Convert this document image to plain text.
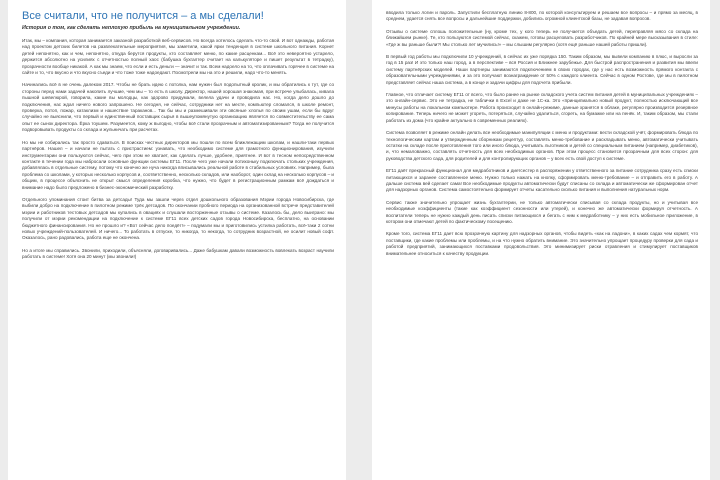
Все считали, что не получится – а мы сделали!
История о том, как сделать неплохую прибыль на муниципальном учреждении.

Итак, мы – компания, которая занимается заказной разработкой веб-сервисов. Но всегда хотелось сделать что-то свой. И вот однажды, работая над проектом детских билетов на развлекательные мероприятия, мы заметили, какой ярки тенденция в системе школьного питания. Корнет детей непонятно, как и чем, непонятно, откуда берутся продукты, кто составляет меню, по какие расценкам... Всё это невероятно устарело, держится абсолютно на усилиях с отчетностью полный хаос (бабушка бухгалтер считает на калькуляторе и пишет результат в тетрадку), прозрачности вообще никакой. А как мы знаем, что если и есть деньги — значит и так. Всем надоело на то, что оплачивать горячее в системе на сайте и то, что вкусно и что вкусно съеди и что тоже тоже надоедают. Посмотрели мы на это и решили, надо что-то менять.

Начинались всё в не очень далеком 2017. Чтобы не брать идею с потолка, нам нужен был подопытный кролик, и мы обратились к тут, где со стороны перед нами задачей накопить лучшие, чем мы – то есть в школу. Директор, нашей хорошая знакомая, при встрече улыбалась, кивала пышной шевелюрой, говорила, какие вы молодцы, как здорово придумали, велела удачи и проводила нас. Но, когда дело дошло до подключения, нас ждал ничего нового запрошено. Не сегодня, не сейчас, сотрудники нет на месте, компьютер сломался, в школе ремонт, проверка, потоп, пожар, катаклизм и нашествие тараканов... Так бы мы и размешивали эти овсяные хлопья по своим ушам, если бы вдруг случайно не выяснили, что первый и единственный поставщик сырья в вышеупомянутую организацию является по совместительству ее сама опыт ее сынок директора. Ёрка тоушем. Разумеется, кому ж выгодно, чтобы всё стали прозрачным и автоматизированным? Тогда не получится подворовывать продукты со склада и жульничать при расчетах.

Но мы не собирались так просто сдаваться. В поисках честных директоров мы пошли по всем ближлежащим школам, и нашли-таки первых партнёров. Нашел – и начали не пытать с пристрастием: узнавать, что необходимо системе для грамотного функционирования, изучили инструментарии они пользуются сейчас, чего при этом не хватает, как сделать лучше, удобнее, приятнее. И вот в тесном непосредственном контакте в течении года мы набросали основные функции системы ЕГ11. После чего уже начали потихоньку подключать стольких учреждения, добавлялась в отдельные систему, потому что конечно же нуча никогда вписывались реальной работе в стабильных условиях. Например, была проблема со школами, у которых несколько корпусов и, соответственно, несколько складов, или наоборот, один склад на несколько корпусов – и общим, в процессе объяснить не открыт смысл определения коробка, что нужно, что будет в регистрационным рамкам всё дождаться и внимание надо было предложено в бизнес-экономический разработку.

Отдельного упоминания стоит битва за детсады! Туда мы зашли через отдел дошкольного образования Мэрии города Новосибирска, где выбили добро на подключение в пилотном режиме трёх детсадов. По окончании пробного периода на организованной встрече представителей мэрии и работников тестовых детсадов мы купались в овациях и слушали восторженные отзывы о системе. Казалось бы, дело выиграно: мы получили от мэрии рекомендации на подключение к системе ЕГ11 всех детских садов города Новосибирска, бесплатно, на основании бюджетного финансирования. Но не прошло и? «Вот сейчас дело поедёт!» – подумали мы и приготовились устилка работать, всё-таки 2 сотни новых учреждений-пользователей. И ничего... То работать в отпуске, то никогда, то некогда, то сотрудник возрастной, не осилит новый софт. Оказалось, рано радовались, работа еще не окончена.

Но а итоге мы справились. Звонили, приходили, объясняли, договаривались... Даже бабушкам давали возможность вовлекать возраст научили работать в системе! Хотя она 20 минут (мы звонили!)

вводила только логин и пароль. Запустили бесплатную линию 8-800, по которой консультируем и решаем все вопросы – и прямо за месяц, в среднем, удается снять все вопросы и дальнейшие поддержки, добились огромной клиентской базы, не задавая вопросов.

Отзывы о системе сплошь положительные (ну, кроме тех, у кого теперь не получается объедать детей, переправляя мясо со склада на ближайшем рынке). Те, кто пользуются системой сейчас, скажем, готовы расцеловать разработчиков. По крайней мере высказывания в стиле: «Где ж вы раньше были?! Мы столько лет мучились!» – мы слышим регулярно (хотя ещё раньше нашей работы пришли).

В первый год работы мы подключили 10 учреждений, в сейчас их уже порядка 150. Таким образом, мы вывели компанию в плюс, и выросли за год в 15 раз! И это только наш город, а в перспективе – вся Россия и Ближнее зарубежье. Для быстрой распространения и развития мы ввели систему партнёрских моделей. Наши партнеры занимаются подключением в своих городах, где у нас есть возможность прямого контакта с образовательными учреждениями, и за это получают вознаграждение от 50% с каждого клиента. Сейчас в одном Ростове, где мы в пилотном представляет сейчас наша система, а в конце и задачи цифры для подсчета прибыли.

Главное, что отличает систему ЕГ11 от всего, что было ранее на рынке складского учета систем питания детей в муниципальных учреждениях – это онлайн-сервис. Это не тетрадка, не таблички в Excel и даже не 1С-ка. Это «принципиально новый продукт, полностью исключающий все минусы работы на локальном компьютере. Работа происходит в онлайн-режиме, данные хранятся в облаке, регулярно производится резервное копирование. Теперь ничего не может угореть, потеряться, случайно удалиться, сгореть, на бумажке или на пенёк. И, таким образом, мы стали работать из дома (что крайне актуально в современных реалиях).

Система позволяет в режиме онлайн делать все необходимые манипуляции с меню и продуктами: вести складской учёт, формировать блюда по технологическим картам и утвержденным сборникам рецептур, составлять меню-требование и раскладывать меню, автоматически учитывать остатки на складе после приготовления того или иного блюда, учитывать льготников и детей со специальным питанием (например, диабетиков), и, что немаловажно, составлять отчетность для всех необходимых органов. При этом процесс становится прозрачным для всех сторон: для руководства детского сада, для родителей и для контролирующих органов – у всех есть свой доступ к системе.

ЕГ11 даёт прекрасный функционал для медработников и диетсестер в распоряжении у ответственного за питание сотрудника сразу есть списки питающихся и заранее составленное меню. Нужно только нажать на кнопку, сформировать меню-требование – и отправить его в работу. А дальше система вей сделает сама! Все необходимые продукты автоматически будут списаны со склада и автоматически же сформирован отчет для надзорных органов. Система самостоятельно формирует отчеты касательно сколько питания и выполнения натуральных норм.

Сервис также значительно упрощает жизнь бухгалтерии, не только автоматически списывая со склада продукты, но и учитывая все необходимые коэффициенты (такие как коэффициент сезонности или утерей), и конечно же автоматически формируя отчетность. А воспитатели теперь не нужно каждый день писать списки питающихся и бегать с ним к медработнику – у них есть мобильное приложение, в котором они отмечают детей по фактическому посещению.

Кроме того, система ЕГ11 дает всю прозрачную картину для надзорных органов, чтобы видеть «как на ладони», в каких садах чем кормят, что поставщики, где какие проблемы или проблемы, и на что нужно обратить внимание. Это значительно упрощает процедуру проверки для сада и работой предприятий, занимающихся поставками продовольствия. Это минимизирует риски отравления и стимулирует поставщиков внимательнее относиться к качеству продукции.
